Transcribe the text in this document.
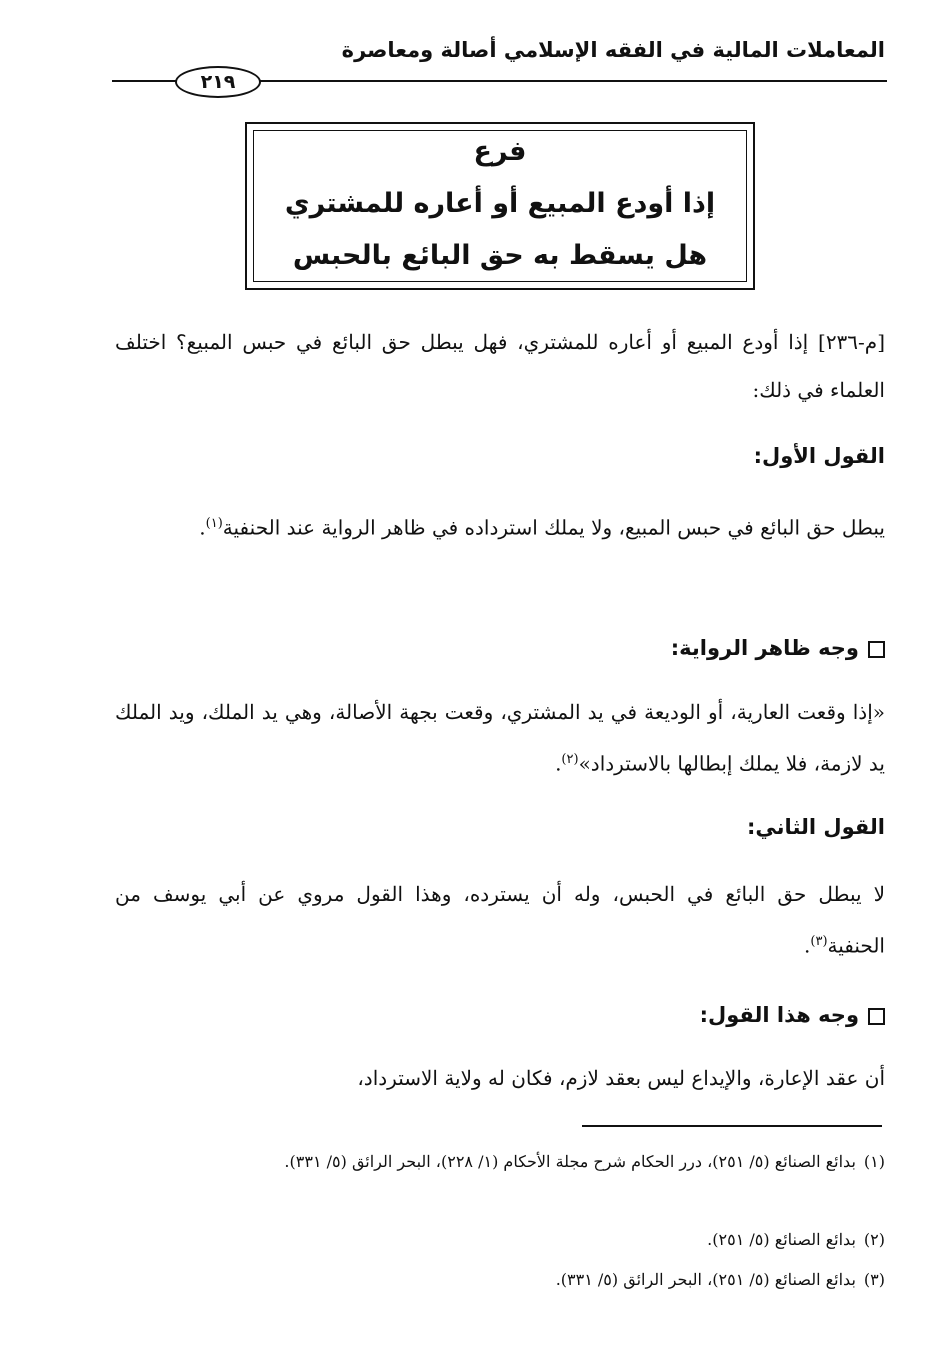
المعاملات المالية في الفقه الإسلامي أصالة ومعاصرة
٢١٩
فرع
إذا أودع المبيع أو أعاره للمشتري
هل يسقط به حق البائع بالحبس
[م-٢٣٦] إذا أودع المبيع أو أعاره للمشتري، فهل يبطل حق البائع في حبس المبيع؟ اختلف العلماء في ذلك:
القول الأول:
يبطل حق البائع في حبس المبيع، ولا يملك استرداده في ظاهر الرواية عند الحنفية$^{(١)}$.
وجه ظاهر الرواية:
«إذا وقعت العارية، أو الوديعة في يد المشتري، وقعت بجهة الأصالة، وهي يد الملك، ويد الملك يد لازمة، فلا يملك إبطالها بالاسترداد»$^{(٢)}$.
القول الثاني:
لا يبطل حق البائع في الحبس، وله أن يسترده، وهذا القول مروي عن أبي يوسف من الحنفية$^{(٣)}$.
وجه هذا القول:
أن عقد الإعارة، والإيداع ليس بعقد لازم، فكان له ولاية الاسترداد،
(١)بدائع الصنائع (٥/ ٢٥١)، درر الحكام شرح مجلة الأحكام (١/ ٢٢٨)، البحر الرائق (٥/ ٣٣١).
(٢)بدائع الصنائع (٥/ ٢٥١).
(٣)بدائع الصنائع (٥/ ٢٥١)، البحر الرائق (٥/ ٣٣١).
